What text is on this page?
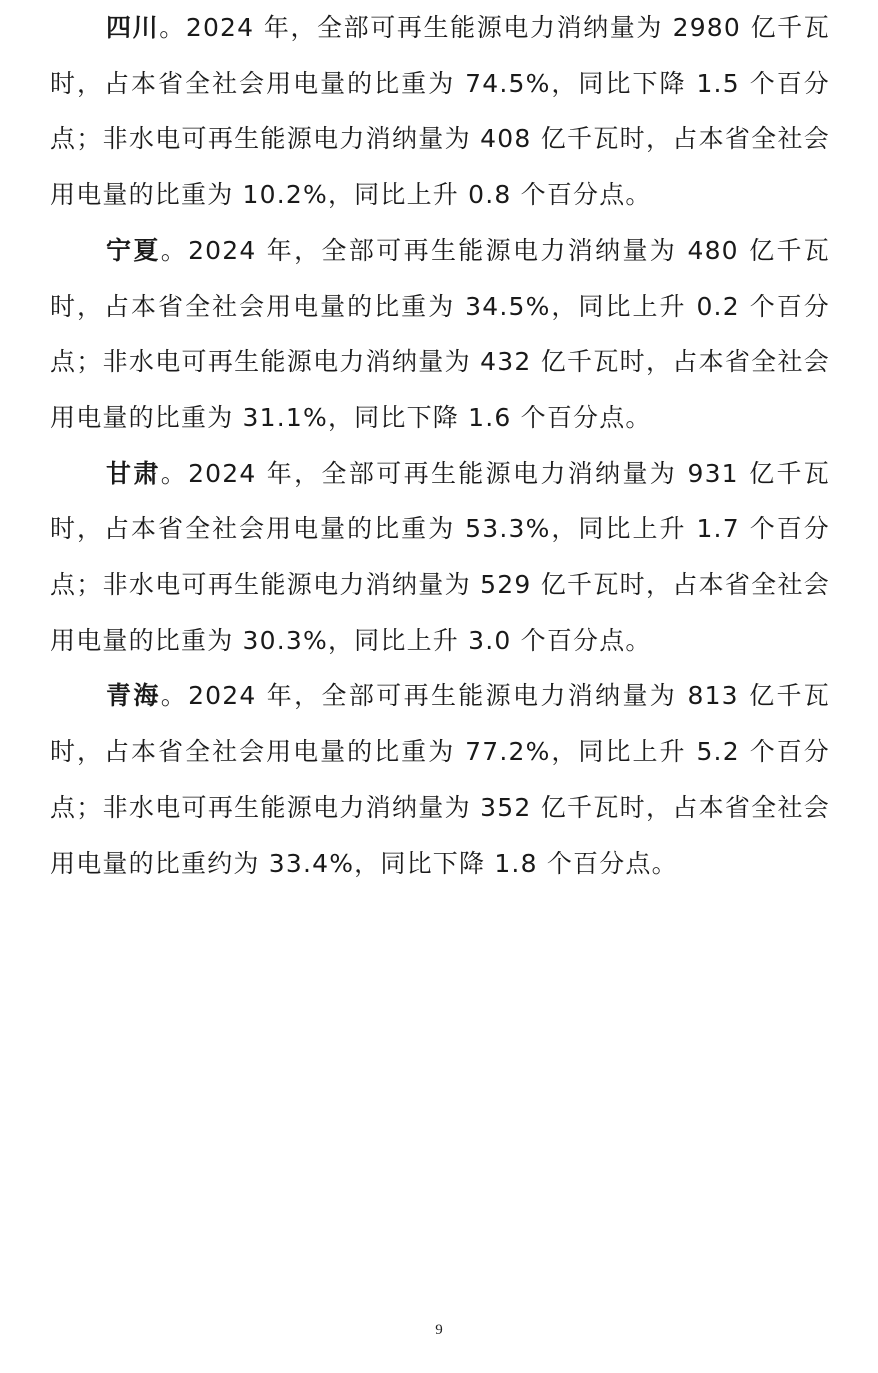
四川。2024 年，全部可再生能源电力消纳量为 2980 亿千瓦时，占本省全社会用电量的比重为 74.5%，同比下降 1.5 个百分点；非水电可再生能源电力消纳量为 408 亿千瓦时，占本省全社会用电量的比重为 10.2%，同比上升 0.8 个百分点。

宁夏。2024 年，全部可再生能源电力消纳量为 480 亿千瓦时，占本省全社会用电量的比重为 34.5%，同比上升 0.2 个百分点；非水电可再生能源电力消纳量为 432 亿千瓦时，占本省全社会用电量的比重为 31.1%，同比下降 1.6 个百分点。

甘肃。2024 年，全部可再生能源电力消纳量为 931 亿千瓦时，占本省全社会用电量的比重为 53.3%，同比上升 1.7 个百分点；非水电可再生能源电力消纳量为 529 亿千瓦时，占本省全社会用电量的比重为 30.3%，同比上升 3.0 个百分点。

青海。2024 年，全部可再生能源电力消纳量为 813 亿千瓦时，占本省全社会用电量的比重为 77.2%，同比上升 5.2 个百分点；非水电可再生能源电力消纳量为 352 亿千瓦时，占本省全社会用电量的比重约为 33.4%，同比下降 1.8 个百分点。

9
